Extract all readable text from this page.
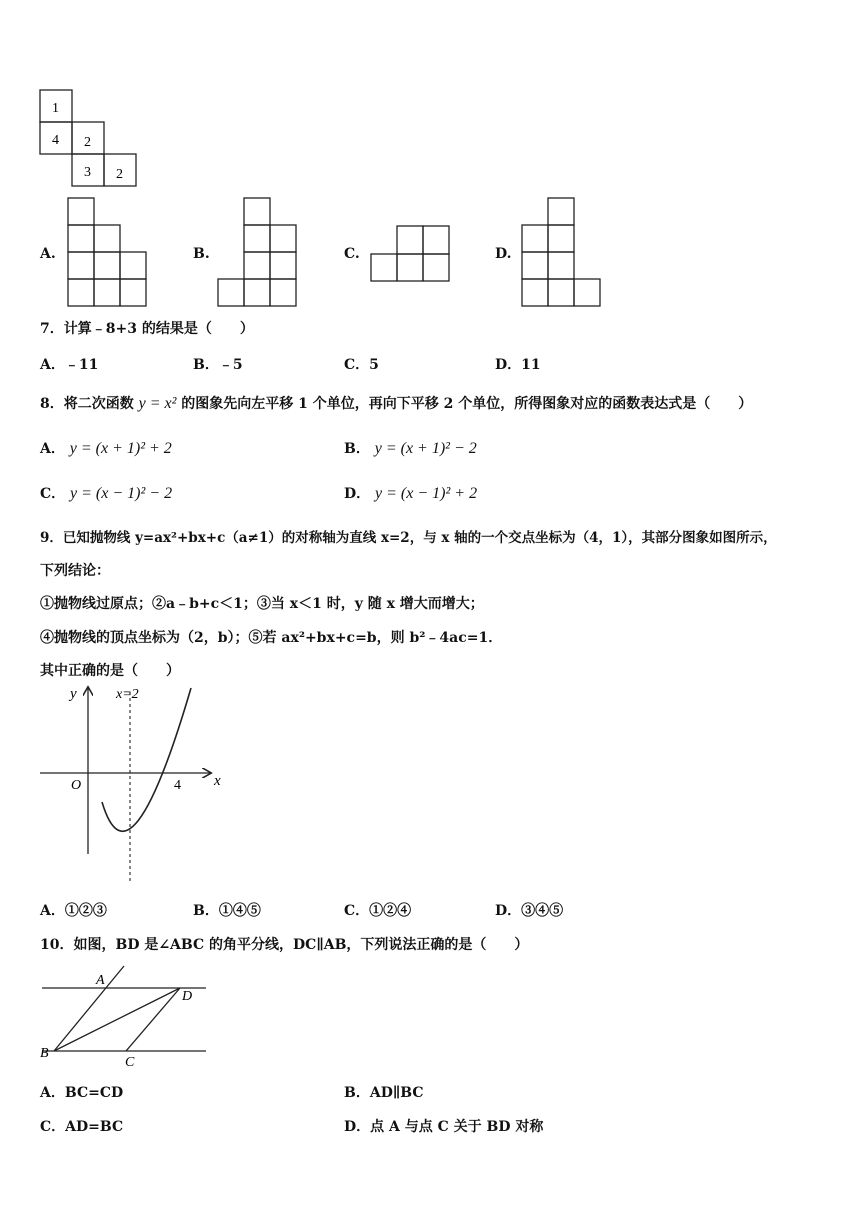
1
4 2
3 2
A.	B.	C.	D.
7．计算﹣8+3 的结果是（　　）
A．﹣11	B．﹣5	C．5	D．11
8．将二次函数 y = x² 的图象先向左平移 1 个单位，再向下平移 2 个单位，所得图象对应的函数表达式是（　　）
A． y = (x + 1)² + 2	B． y = (x + 1)² − 2
C． y = (x − 1)² − 2	D． y = (x − 1)² + 2
9．已知抛物线 y=ax²+bx+c（a≠1）的对称轴为直线 x=2，与 x 轴的一个交点坐标为（4，1），其部分图象如图所示，
下列结论：
①抛物线过原点；②a﹣b+c＜1；③当 x＜1 时，y 随 x 增大而增大；
④抛物线的顶点坐标为（2，b）；⑤若 ax²+bx+c=b，则 b²﹣4ac=1．
其中正确的是（　　）
y
x
O
x=2
4
A．①②③	B．①④⑤	C．①②④	D．③④⑤
10．如图，BD 是∠ABC 的角平分线，DC∥AB，下列说法正确的是（　　）
A
D
B
C
A．BC=CD	B．AD∥BC
C．AD=BC	D．点 A 与点 C 关于 BD 对称
